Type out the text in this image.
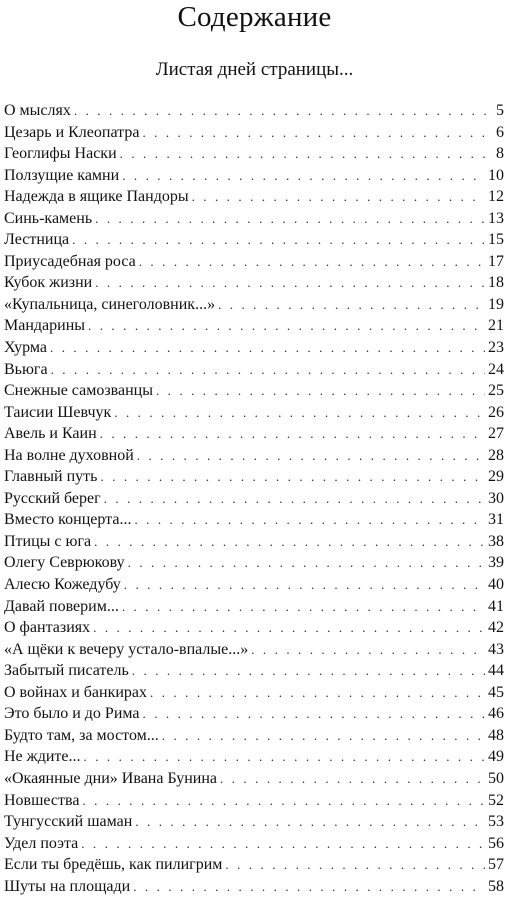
Содержание
Листая дней страницы...
О мыслях . . .	5
Цезарь и Клеопатра . . .	6
Геоглифы Наски . . .	8
Ползущие камни . . .	10
Надежда в ящике Пандоры . . .	12
Синь-камень . . .	13
Лестница . . .	15
Приусадебная роса . . .	17
Кубок жизни . . .	18
«Купальница, синеголовник...» . . .	19
Мандарины . . .	21
Хурма . . .	23
Вьюга . . .	24
Снежные самозванцы . . .	25
Таисии Шевчук . . .	26
Авель и Каин . . .	27
На волне духовной . . .	28
Главный путь . . .	29
Русский берег . . .	30
Вместо концерта... . . .	31
Птицы с юга . . .	38
Олегу Севрюкову . . .	39
Алесю Кожедубу . . .	40
Давай поверим... . . .	41
О фантазиях . . .	42
«А щёки к вечеру устало-впалые...» . . .	43
Забытый писатель . . .	44
О войнах и банкирах . . .	45
Это было и до Рима . . .	46
Будто там, за мостом... . . .	48
Не ждите... . . .	49
«Окаянные дни» Ивана Бунина . . .	50
Новшества . . .	52
Тунгусский шаман . . .	53
Удел поэта . . .	56
Если ты бредёшь, как пилигрим . . .	57
Шуты на площади . . .	58
